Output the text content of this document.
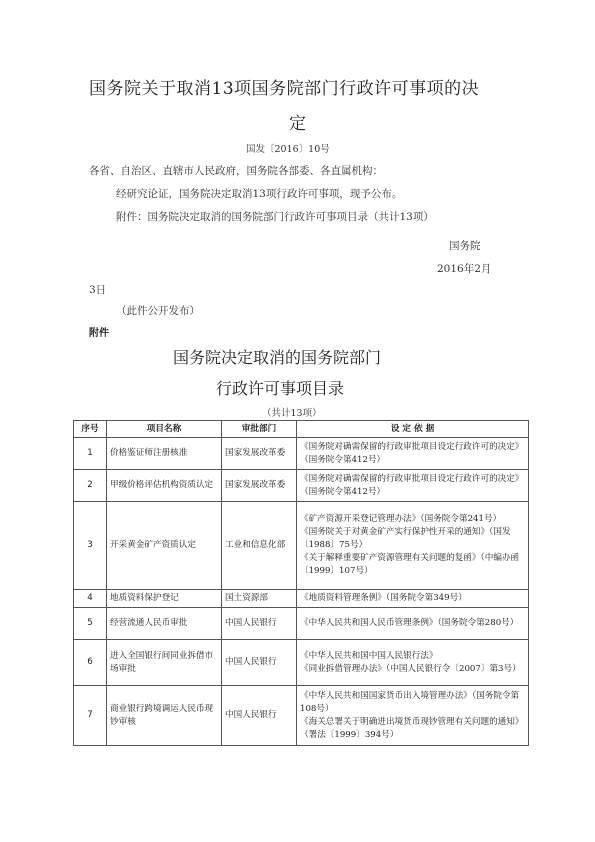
国务院关于取消13项国务院部门行政许可事项的决
定
国发〔2016〕10号
各省、自治区、直辖市人民政府，国务院各部委、各直属机构：
经研究论证，国务院决定取消13项行政许可事项，现予公布。
附件：国务院决定取消的国务院部门行政许可事项目录（共计13项）
国务院
2016年2月
3日
（此件公开发布）
附件
国务院决定取消的国务院部门
行政许可事项目录
（共计13项）
序号	项目名称	审批部门	设 定 依 据
1	价格鉴证师注册核准	国家发展改革委	《国务院对确需保留的行政审批项目设定行政许可的决定》（国务院令第412号）

2	甲级价格评估机构资质认定	国家发展改革委	《国务院对确需保留的行政审批项目设定行政许可的决定》（国务院令第412号）

3	开采黄金矿产资质认定	工业和信息化部	《矿产资源开采登记管理办法》（国务院令第241号）
《国务院关于对黄金矿产实行保护性开采的通知》（国发〔1988〕75号）
《关于解释重要矿产资源管理有关问题的复函》（中编办函〔1999〕107号）

4	地质资料保护登记	国土资源部	《地质资料管理条例》（国务院令第349号）

5	经营流通人民币审批	中国人民银行	《中华人民共和国人民币管理条例》（国务院令第280号）

6	进入全国银行间同业拆借市场审批	中国人民银行	《中华人民共和国中国人民银行法》
《同业拆借管理办法》（中国人民银行令〔2007〕第3号）

7	商业银行跨境调运人民币现钞审核	中国人民银行	《中华人民共和国国家货币出入境管理办法》（国务院令第108号）
《海关总署关于明确进出境货币现钞管理有关问题的通知》（署法〔1999〕394号）
